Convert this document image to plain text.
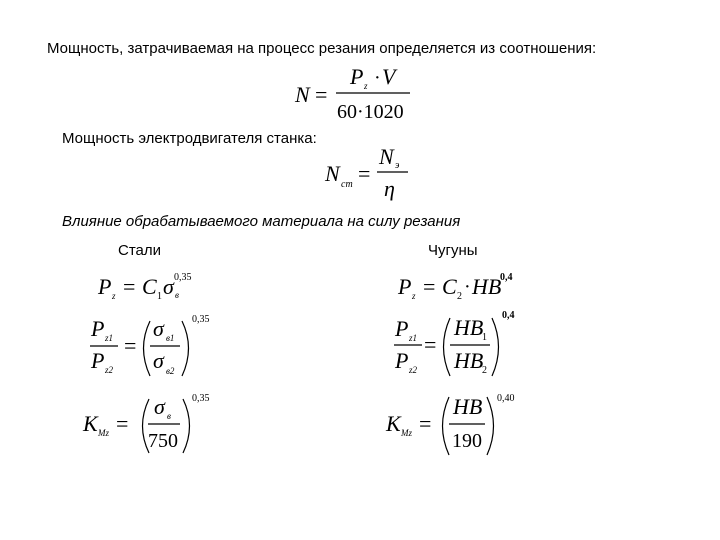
Мощность, затрачиваемая на процесс резания определяется из соотношения:
Мощность электродвигателя станка:
Влияние обрабатываемого материала на силу резания
Стали	Чугуны
N =
P z · V
60·1020
N ст =
N э
η
P z = C 1 σ в
0,35
P z1
P z2
=
σ в1
σ в2
0,35
K Mz =
σ в
750
0,35
P z = C 2 · HB
0,4
P z1
P z2
=
HB
1
HB
2
0,4
K Mz =
HB
190
0,40
